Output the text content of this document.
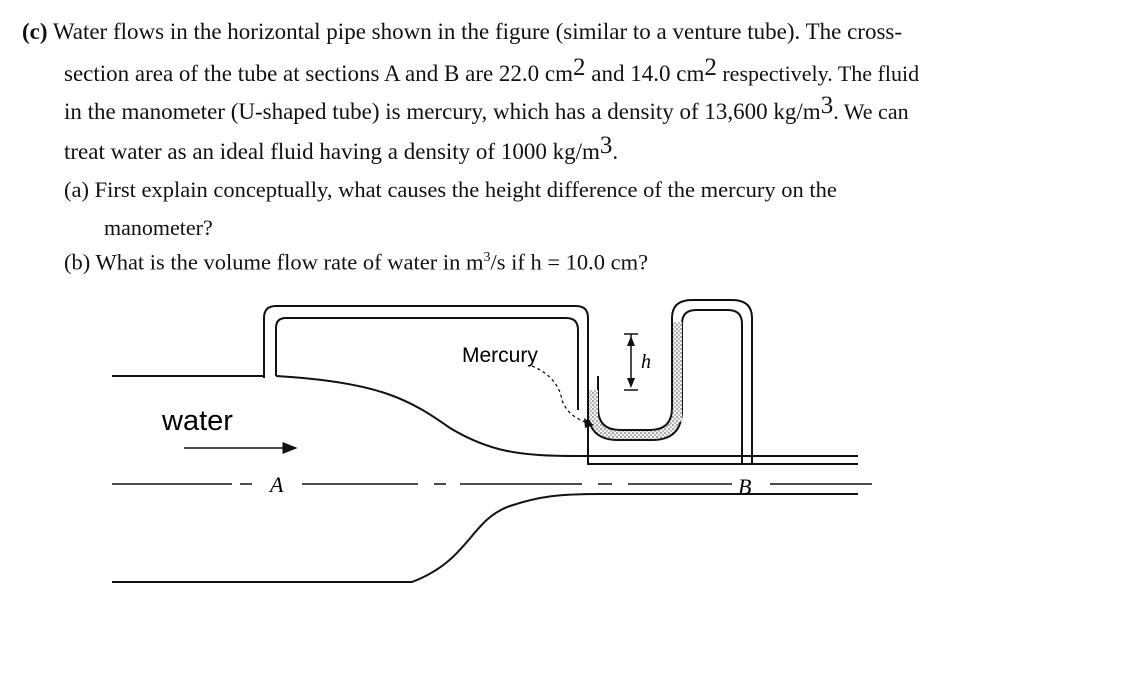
(c) Water flows in the horizontal pipe shown in the figure (similar to a venture tube). The cross-
section area of the tube at sections A and B are 22.0 cm2 and 14.0 cm2 respectively. The fluid
in the manometer (U-shaped tube) is mercury, which has a density of 13,600 kg/m3. We can
treat water as an ideal fluid having a density of 1000 kg/m3.
(a) First explain conceptually, what causes the height difference of the mercury on the
manometer?
(b) What is the volume flow rate of water in $m^3/s$ if h = 10.0 cm?
water
Mercury
A	B
h
